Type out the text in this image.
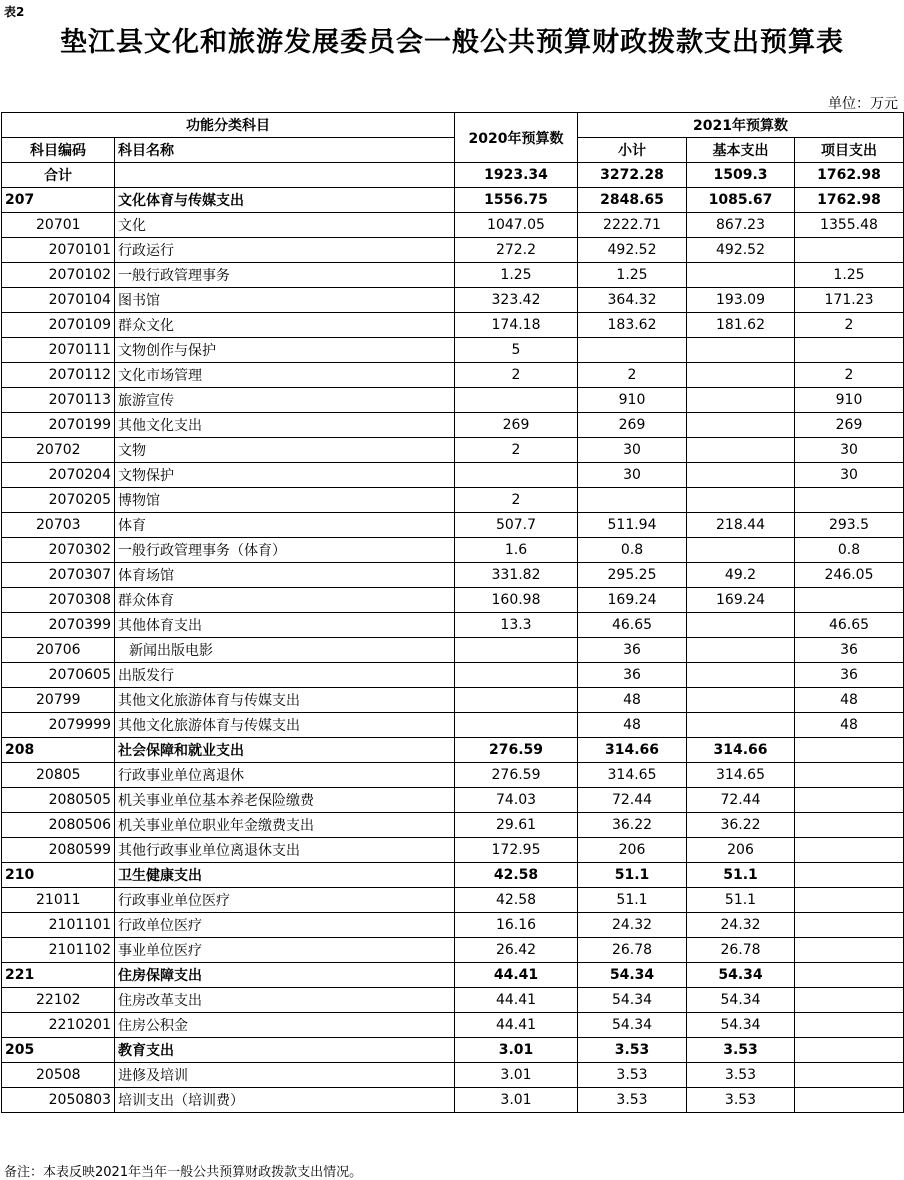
表2
垫江县文化和旅游发展委员会一般公共预算财政拨款支出预算表
单位：万元
功能分类科目		2020年预算数	2021年预算数		
科目编码	科目名称		小计	基本支出	项目支出
合计		1923.34	3272.28	1509.3	1762.98
207	文化体育与传媒支出	1556.75	2848.65	1085.67	1762.98
20701	文化	1047.05	2222.71	867.23	1355.48
2070101	行政运行	272.2	492.52	492.52	
2070102	一般行政管理事务	1.25	1.25		1.25
2070104	图书馆	323.42	364.32	193.09	171.23
2070109	群众文化	174.18	183.62	181.62	2
2070111	文物创作与保护	5			
2070112	文化市场管理	2	2		2
2070113	旅游宣传		910		910
2070199	其他文化支出	269	269		269
20702	文物	2	30		30
2070204	文物保护		30		30
2070205	博物馆	2			
20703	体育	507.7	511.94	218.44	293.5
2070302	一般行政管理事务（体育）	1.6	0.8		0.8
2070307	体育场馆	331.82	295.25	49.2	246.05
2070308	群众体育	160.98	169.24	169.24	
2070399	其他体育支出	13.3	46.65		46.65
20706	新闻出版电影		36		36
2070605	出版发行		36		36
20799	其他文化旅游体育与传媒支出		48		48
2079999	其他文化旅游体育与传媒支出		48		48
208	社会保障和就业支出	276.59	314.66	314.66	
20805	行政事业单位离退休	276.59	314.65	314.65	
2080505	机关事业单位基本养老保险缴费	74.03	72.44	72.44	
2080506	机关事业单位职业年金缴费支出	29.61	36.22	36.22	
2080599	其他行政事业单位离退休支出	172.95	206	206	
210	卫生健康支出	42.58	51.1	51.1	
21011	行政事业单位医疗	42.58	51.1	51.1	
2101101	行政单位医疗	16.16	24.32	24.32	
2101102	事业单位医疗	26.42	26.78	26.78	
221	住房保障支出	44.41	54.34	54.34	
22102	住房改革支出	44.41	54.34	54.34	
2210201	住房公积金	44.41	54.34	54.34	
205	教育支出	3.01	3.53	3.53	
20508	进修及培训	3.01	3.53	3.53	
2050803	培训支出（培训费）	3.01	3.53	3.53	
备注：本表反映2021年当年一般公共预算财政拨款支出情况。
